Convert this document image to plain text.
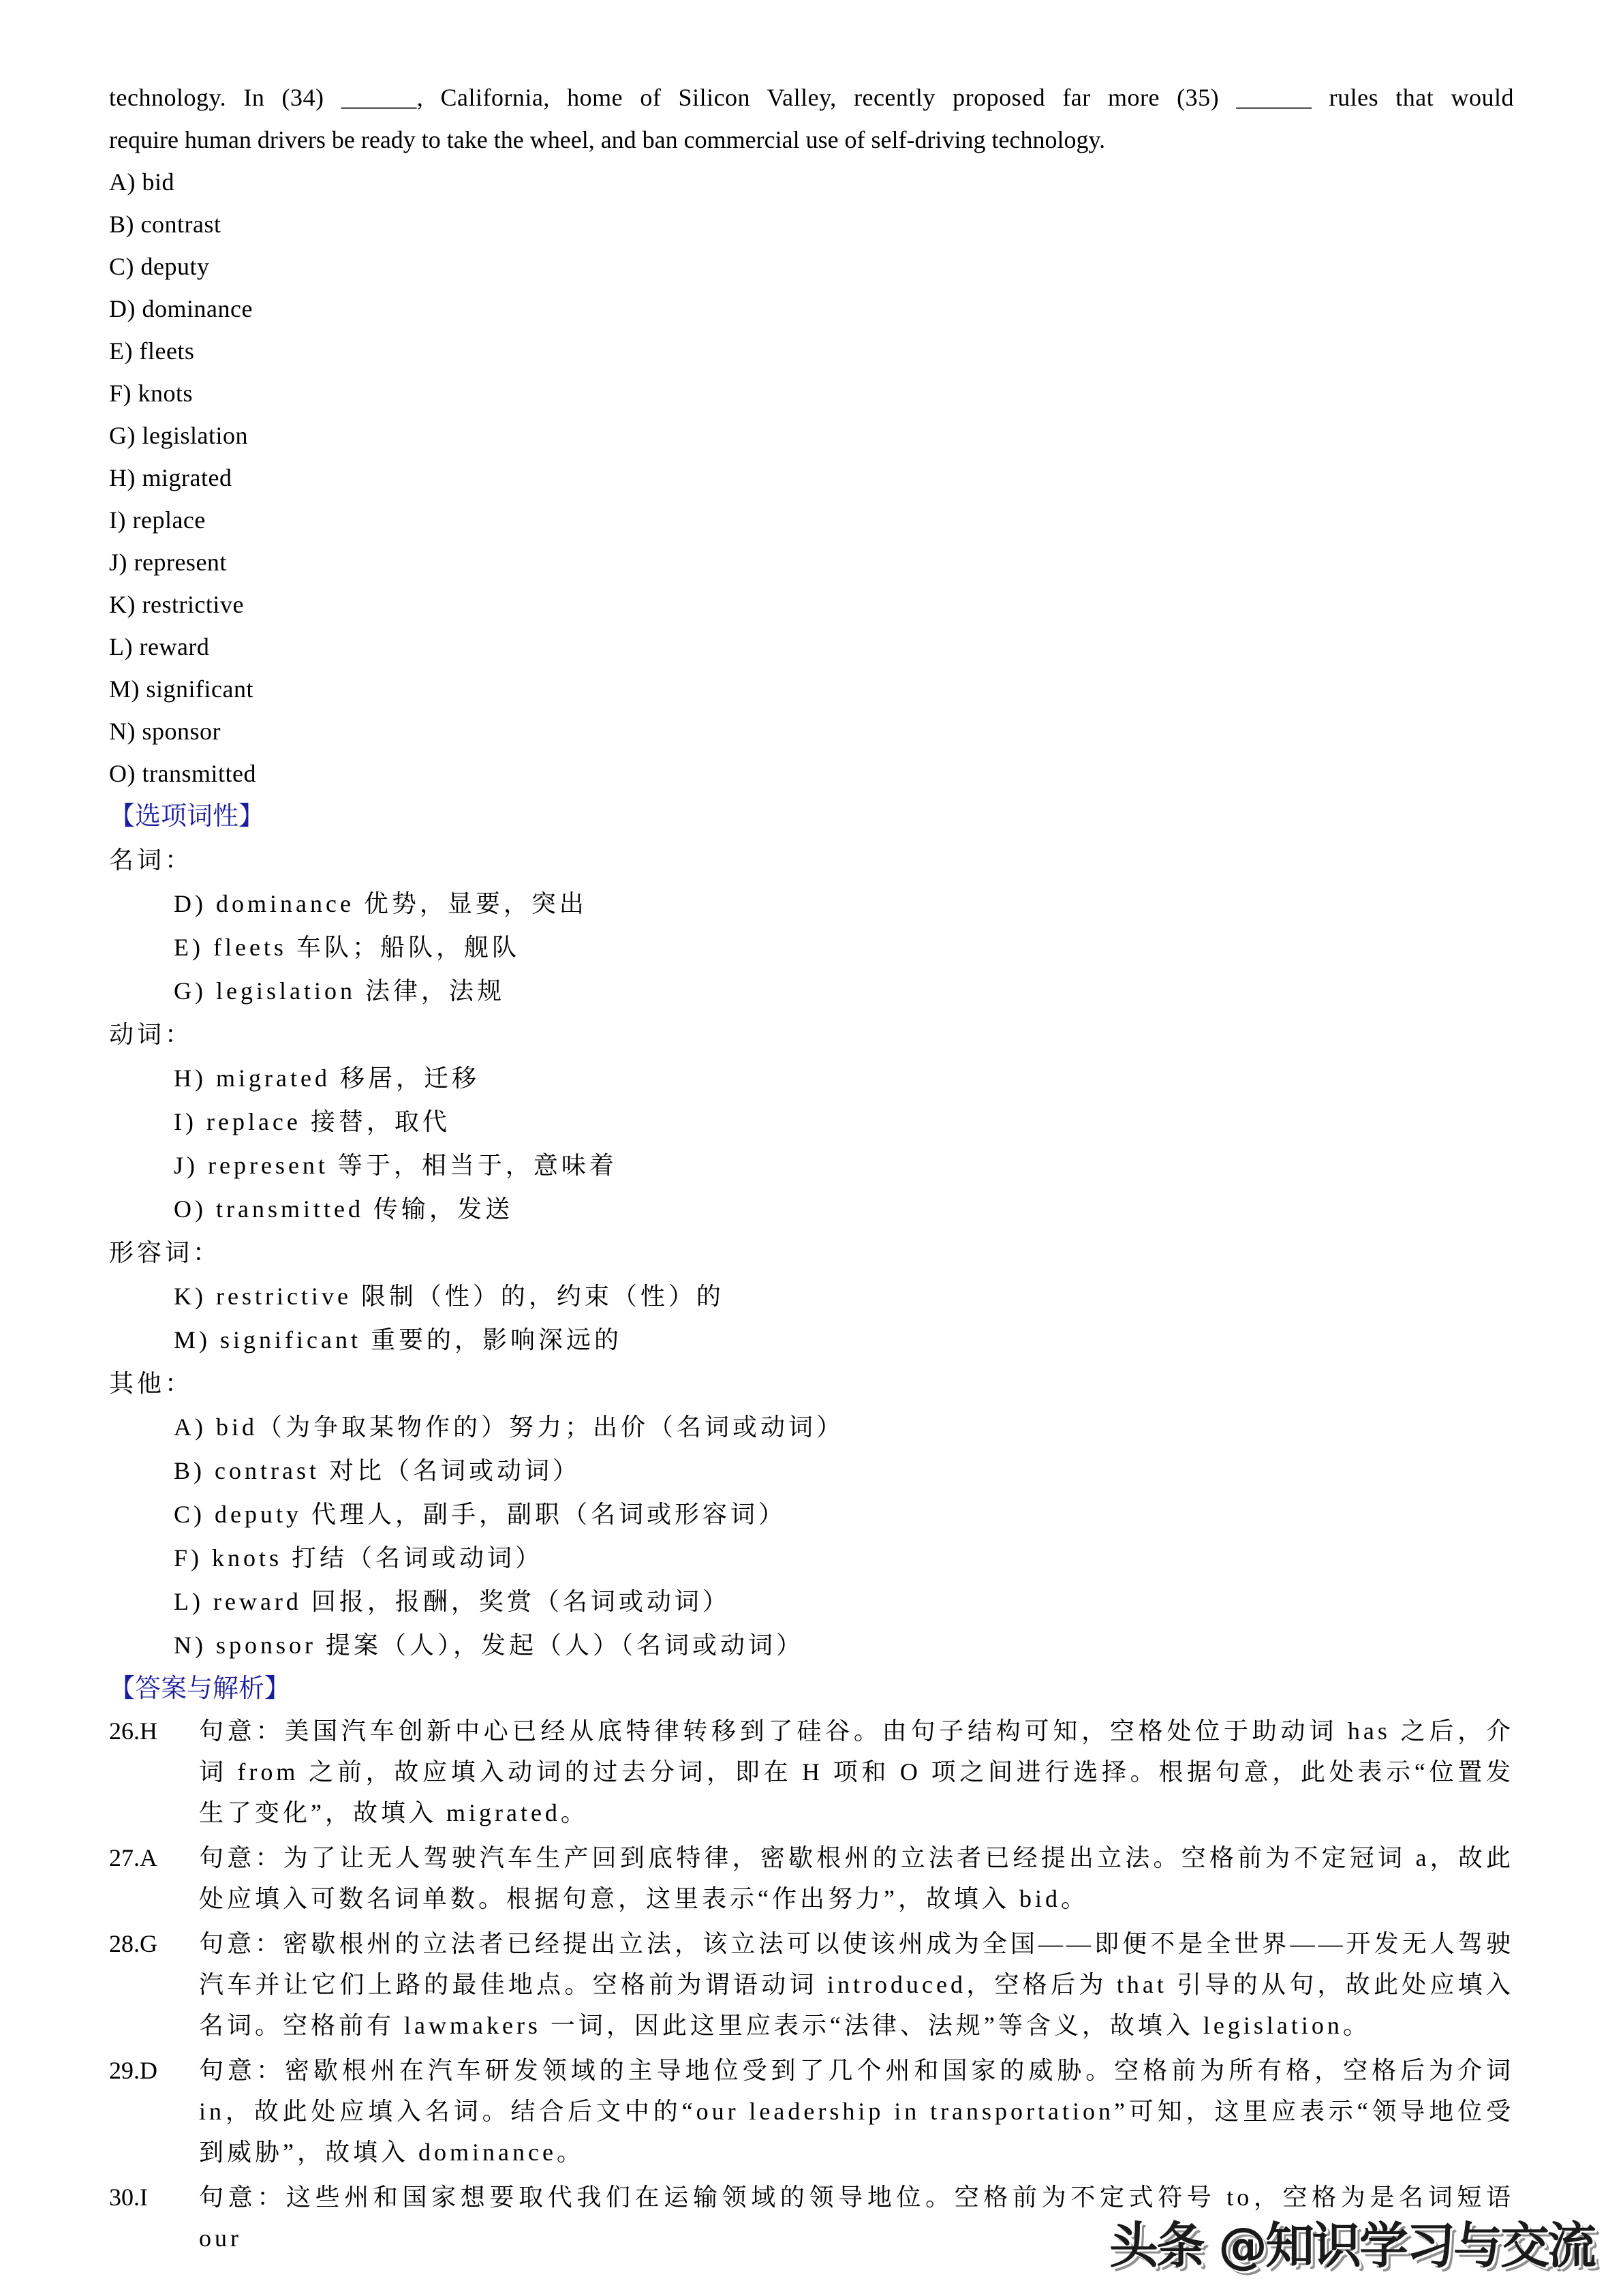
technology. In (34) ______, California, home of Silicon Valley, recently proposed far more (35) ______ rules that would
require human drivers be ready to take the wheel, and ban commercial use of self-driving technology.
A) bid
B) contrast
C) deputy
D) dominance
E) fleets
F) knots
G) legislation
H) migrated
I) replace
J) represent
K) restrictive
L) reward
M) significant
N) sponsor
O) transmitted
【选项词性】
名词：
D) dominance 优势，显要，突出
E) fleets 车队；船队，舰队
G) legislation 法律，法规
动词：
H) migrated 移居，迁移
I) replace 接替，取代
J) represent 等于，相当于，意味着
O) transmitted 传输，发送
形容词：
K) restrictive 限制（性）的，约束（性）的
M) significant 重要的，影响深远的
其他：
A) bid（为争取某物作的）努力；出价（名词或动词）
B) contrast 对比（名词或动词）
C) deputy 代理人，副手，副职（名词或形容词）
F) knots 打结（名词或动词）
L) reward 回报，报酬，奖赏（名词或动词）
N) sponsor 提案（人），发起（人）（名词或动词）
【答案与解析】
26.H	句意：美国汽车创新中心已经从底特律转移到了硅谷。由句子结构可知，空格处位于助动词 has 之后，介词 from 之前，故应填入动词的过去分词，即在 H 项和 O 项之间进行选择。根据句意，此处表示“位置发生了变化”，故填入 migrated。
27.A	句意：为了让无人驾驶汽车生产回到底特律，密歇根州的立法者已经提出立法。空格前为不定冠词 a，故此处应填入可数名词单数。根据句意，这里表示“作出努力”，故填入 bid。
28.G	句意：密歇根州的立法者已经提出立法，该立法可以使该州成为全国——即便不是全世界——开发无人驾驶汽车并让它们上路的最佳地点。空格前为谓语动词 introduced，空格后为 that 引导的从句，故此处应填入名词。空格前有 lawmakers 一词，因此这里应表示“法律、法规”等含义，故填入 legislation。
29.D	句意：密歇根州在汽车研发领域的主导地位受到了几个州和国家的威胁。空格前为所有格，空格后为介词 in，故此处应填入名词。结合后文中的“our leadership in transportation”可知，这里应表示“领导地位受到威胁”，故填入 dominance。
30.I	句意：这些州和国家想要取代我们在运输领域的领导地位。空格前为不定式符号 to，空格为是名词短语 our	头条 @知识学习与交流
